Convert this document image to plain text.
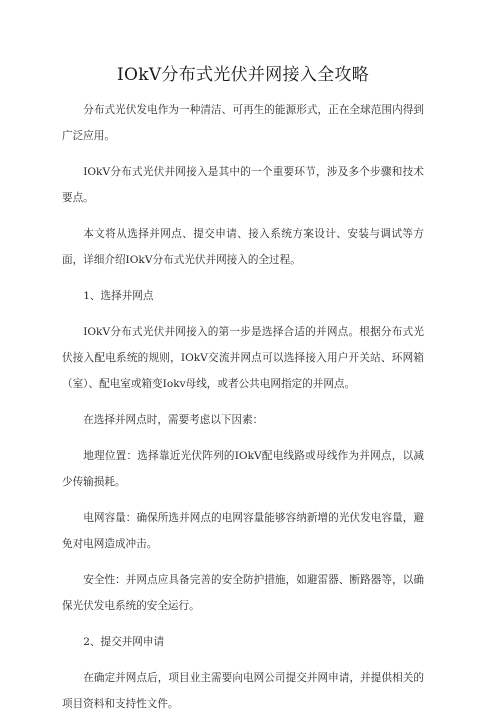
IOkV分布式光伏并网接入全攻略

分布式光伏发电作为一种清洁、可再生的能源形式，正在全球范围内得到广泛应用。

IOkV分布式光伏并网接入是其中的一个重要环节，涉及多个步骤和技术要点。

本文将从选择并网点、提交申请、接入系统方案设计、安装与调试等方面，详细介绍IOkV分布式光伏并网接入的全过程。

1、选择并网点

IOkV分布式光伏并网接入的第一步是选择合适的并网点。根据分布式光伏接入配电系统的规则，IOkV交流并网点可以选择接入用户开关站、环网箱（室）、配电室或箱变Iokv母线，或者公共电网指定的并网点。

在选择并网点时，需要考虑以下因素：

地理位置：选择靠近光伏阵列的IOkV配电线路或母线作为并网点，以减少传输损耗。

电网容量：确保所选并网点的电网容量能够容纳新增的光伏发电容量，避免对电网造成冲击。

安全性：并网点应具备完善的安全防护措施，如避雷器、断路器等，以确保光伏发电系统的安全运行。

2、提交并网申请

在确定并网点后，项目业主需要向电网公司提交并网申请，并提供相关的项目资料和支持性文件。
